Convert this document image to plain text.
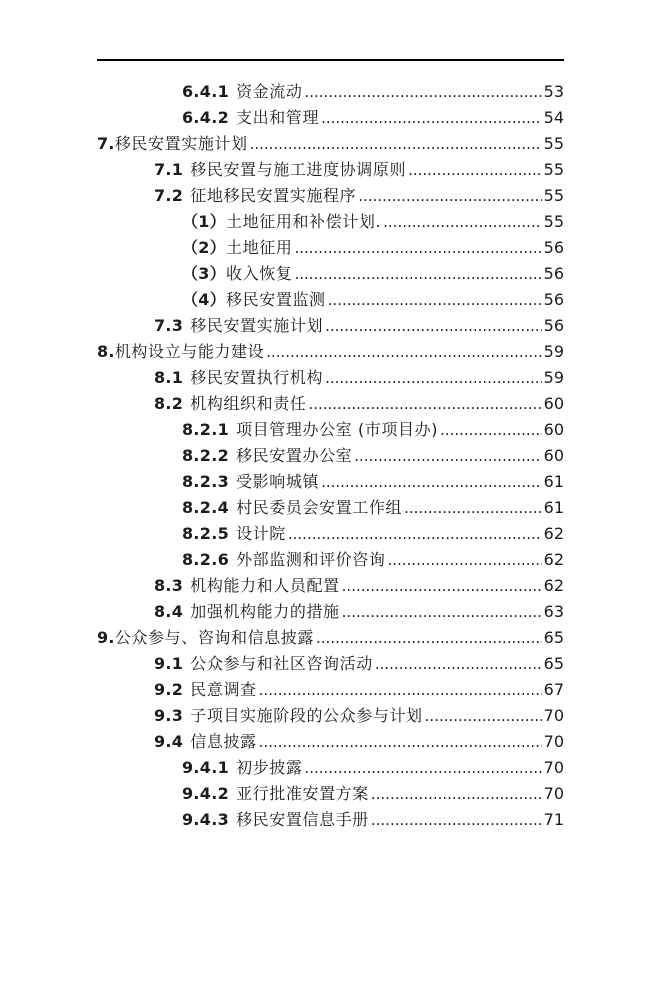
6.4.1 资金流动 .....	53
6.4.2 支出和管理 .....	54
7. 移民安置实施计划 .....	55
7.1 移民安置与施工进度协调原则 .....	55
7.2 征地移民安置实施程序 .....	55
（1） 土地征用和补偿计划. .....	55
（2） 土地征用 .....	56
（3） 收入恢复 .....	56
（4） 移民安置监测 .....	56
7.3 移民安置实施计划 .....	56
8. 机构设立与能力建设 .....	59
8.1 移民安置执行机构 .....	59
8.2 机构组织和责任 .....	60
8.2.1 项目管理办公室 (市项目办) .....	60
8.2.2 移民安置办公室 .....	60
8.2.3 受影响城镇 .....	61
8.2.4 村民委员会安置工作组 .....	61
8.2.5 设计院 .....	62
8.2.6 外部监测和评价咨询 .....	62
8.3 机构能力和人员配置 .....	62
8.4 加强机构能力的措施 .....	63
9. 公众参与、咨询和信息披露 .....	65
9.1 公众参与和社区咨询活动 .....	65
9.2 民意调查 .....	67
9.3 子项目实施阶段的公众参与计划 .....	70
9.4 信息披露 .....	70
9.4.1 初步披露 .....	70
9.4.2 亚行批准安置方案 .....	70
9.4.3 移民安置信息手册 .....	71
